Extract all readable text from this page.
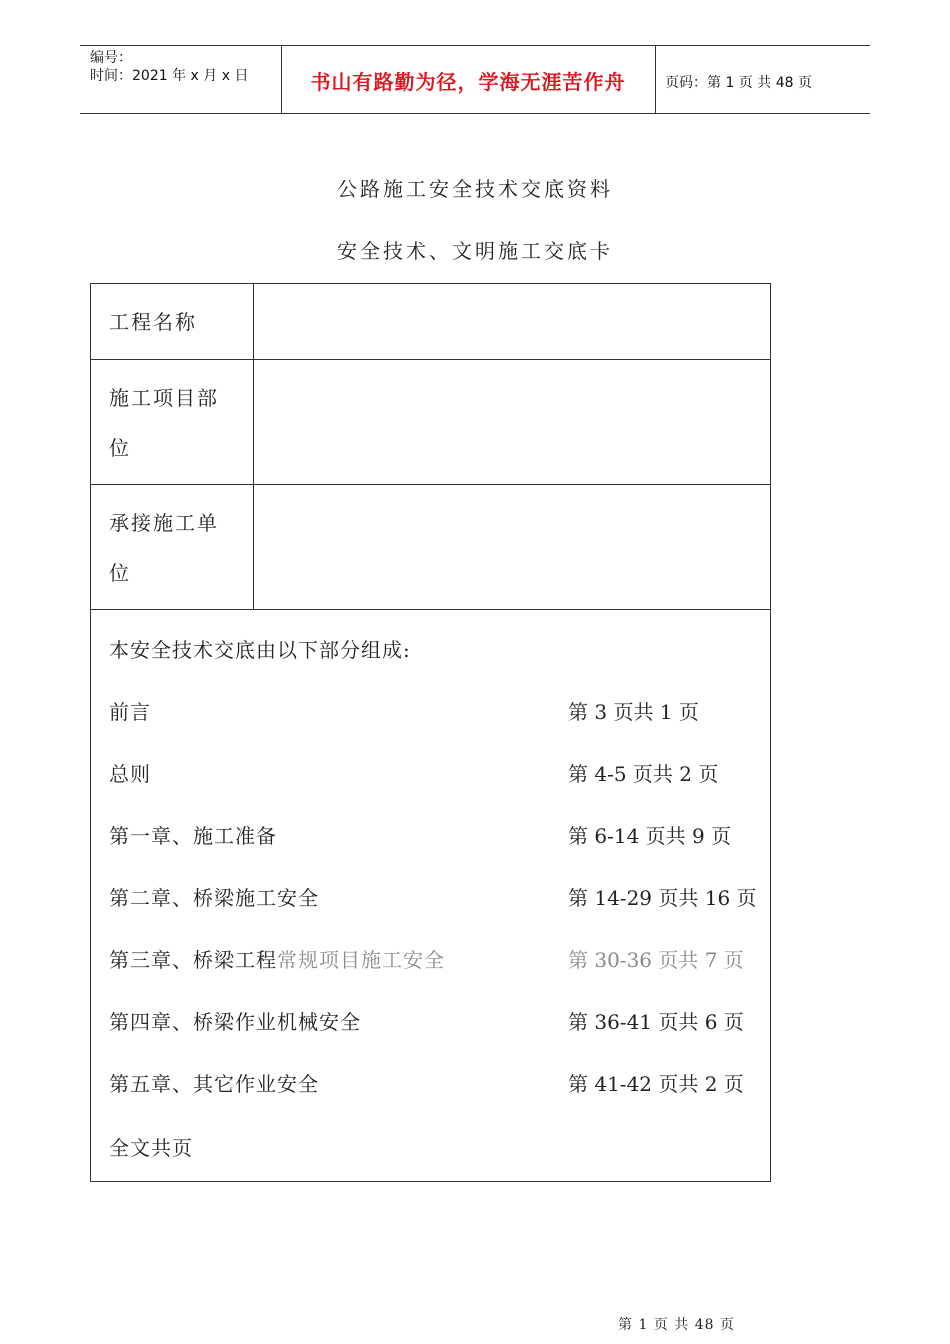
编号：
时间：2021 年 x 月 x 日	书山有路勤为径，学海无涯苦作舟	页码：第 1 页 共 48 页
公路施工安全技术交底资料
安全技术、文明施工交底卡
工程名称
施工项目部
位
承接施工单
位
本安全技术交底由以下部分组成:
前言	第 3 页共 1 页
总则	第 4-5 页共 2 页
第一章、施工准备	第 6-14 页共 9 页
第二章、桥梁施工安全	第 14-29 页共 16 页
第三章、桥梁工程常规项目施工安全	第 30-36 页共 7 页
第四章、桥梁作业机械安全	第 36-41 页共 6 页
第五章、其它作业安全	第 41-42 页共 2 页
全文共页
第 1 页 共 48 页
